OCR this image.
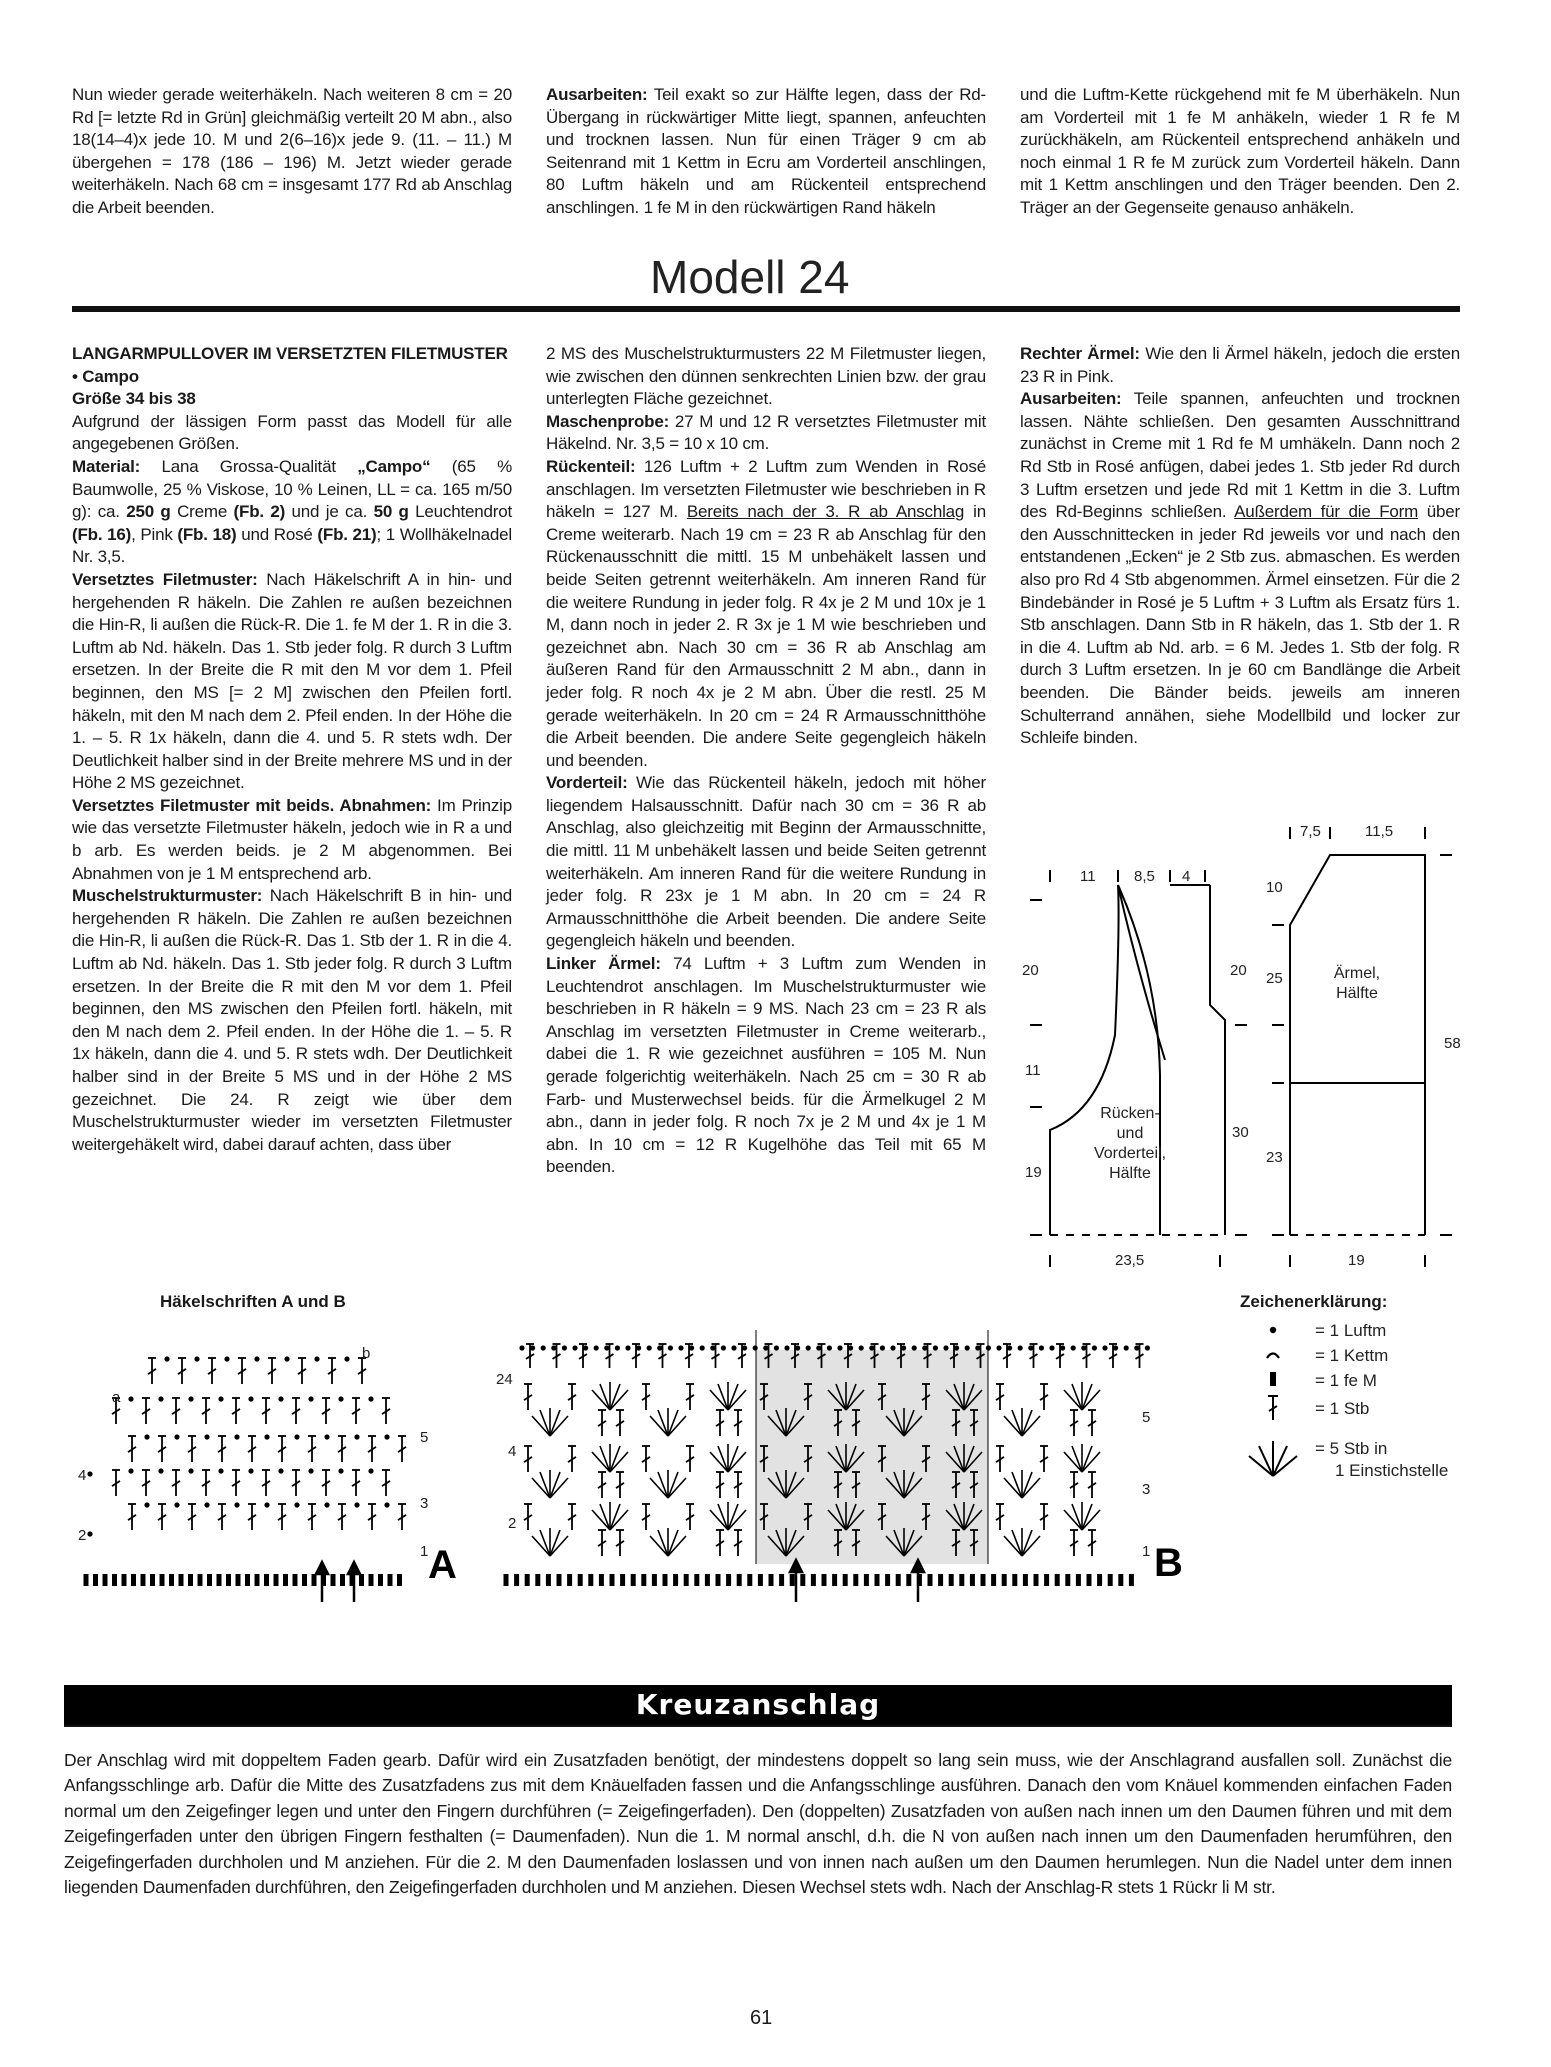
Nun wieder gerade weiterhäkeln. Nach weiteren 8 cm = 20 Rd [= letzte Rd in Grün] gleichmäßig verteilt 20 M abn., also 18(14–4)x jede 10. M und 2(6–16)x jede 9. (11. – 11.) M übergehen = 178 (186 – 196) M. Jetzt wieder gerade weiterhäkeln. Nach 68 cm = insgesamt 177 Rd ab Anschlag die Arbeit beenden.

Ausarbeiten: Teil exakt so zur Hälfte legen, dass der Rd-Übergang in rückwärtiger Mitte liegt, spannen, anfeuchten und trocknen lassen. Nun für einen Träger 9 cm ab Seitenrand mit 1 Kettm in Ecru am Vorderteil anschlingen, 80 Luftm häkeln und am Rückenteil entsprechend anschlingen. 1 fe M in den rückwärtigen Rand häkeln

und die Luftm-Kette rückgehend mit fe M überhäkeln. Nun am Vorderteil mit 1 fe M anhäkeln, wieder 1 R fe M zurückhäkeln, am Rückenteil entsprechend anhäkeln und noch einmal 1 R fe M zurück zum Vorderteil häkeln. Dann mit 1 Kettm anschlingen und den Träger beenden. Den 2. Träger an der Gegenseite genauso anhäkeln.

Modell 24

LANGARMPULLOVER IM VERSETZTEN FILETMUSTER

• Campo

Größe 34 bis 38

Aufgrund der lässigen Form passt das Modell für alle angegebenen Größen.

Material: Lana Grossa-Qualität „Campo“ (65 % Baumwolle, 25 % Viskose, 10 % Leinen, LL = ca. 165 m/50 g): ca. 250 g Creme (Fb. 2) und je ca. 50 g Leuchtendrot (Fb. 16), Pink (Fb. 18) und Rosé (Fb. 21); 1 Wollhäkelnadel Nr. 3,5.

Versetztes Filetmuster: Nach Häkelschrift A in hin- und hergehenden R häkeln. Die Zahlen re außen bezeichnen die Hin-R, li außen die Rück-R. Die 1. fe M der 1. R in die 3. Luftm ab Nd. häkeln. Das 1. Stb jeder folg. R durch 3 Luftm ersetzen. In der Breite die R mit den M vor dem 1. Pfeil beginnen, den MS [= 2 M] zwischen den Pfeilen fortl. häkeln, mit den M nach dem 2. Pfeil enden. In der Höhe die 1. – 5. R 1x häkeln, dann die 4. und 5. R stets wdh. Der Deutlichkeit halber sind in der Breite mehrere MS und in der Höhe 2 MS gezeichnet.

Versetztes Filetmuster mit beids. Abnahmen: Im Prinzip wie das versetzte Filetmuster häkeln, jedoch wie in R a und b arb. Es werden beids. je 2 M abgenommen. Bei Abnahmen von je 1 M entsprechend arb.

Muschelstrukturmuster: Nach Häkelschrift B in hin- und hergehenden R häkeln. Die Zahlen re außen bezeichnen die Hin-R, li außen die Rück-R. Das 1. Stb der 1. R in die 4. Luftm ab Nd. häkeln. Das 1. Stb jeder folg. R durch 3 Luftm ersetzen. In der Breite die R mit den M vor dem 1. Pfeil beginnen, den MS zwischen den Pfeilen fortl. häkeln, mit den M nach dem 2. Pfeil enden. In der Höhe die 1. – 5. R 1x häkeln, dann die 4. und 5. R stets wdh. Der Deutlichkeit halber sind in der Breite 5 MS und in der Höhe 2 MS gezeichnet. Die 24. R zeigt wie über dem Muschelstrukturmuster wieder im versetzten Filetmuster weitergehäkelt wird, dabei darauf achten, dass über

2 MS des Muschelstrukturmusters 22 M Filetmuster liegen, wie zwischen den dünnen senkrechten Linien bzw. der grau unterlegten Fläche gezeichnet.

Maschenprobe: 27 M und 12 R versetztes Filetmuster mit Häkelnd. Nr. 3,5 = 10 x 10 cm.

Rückenteil: 126 Luftm + 2 Luftm zum Wenden in Rosé anschlagen. Im versetzten Filetmuster wie beschrieben in R häkeln = 127 M. Bereits nach der 3. R ab Anschlag in Creme weiterarb. Nach 19 cm = 23 R ab Anschlag für den Rückenausschnitt die mittl. 15 M unbehäkelt lassen und beide Seiten getrennt weiterhäkeln. Am inneren Rand für die weitere Rundung in jeder folg. R 4x je 2 M und 10x je 1 M, dann noch in jeder 2. R 3x je 1 M wie beschrieben und gezeichnet abn. Nach 30 cm = 36 R ab Anschlag am äußeren Rand für den Armausschnitt 2 M abn., dann in jeder folg. R noch 4x je 2 M abn. Über die restl. 25 M gerade weiterhäkeln. In 20 cm = 24 R Armausschnitthöhe die Arbeit beenden. Die andere Seite gegengleich häkeln und beenden.

Vorderteil: Wie das Rückenteil häkeln, jedoch mit höher liegendem Halsausschnitt. Dafür nach 30 cm = 36 R ab Anschlag, also gleichzeitig mit Beginn der Armausschnitte, die mittl. 11 M unbehäkelt lassen und beide Seiten getrennt weiterhäkeln. Am inneren Rand für die weitere Rundung in jeder folg. R 23x je 1 M abn. In 20 cm = 24 R Armausschnitthöhe die Arbeit beenden. Die andere Seite gegengleich häkeln und beenden.

Linker Ärmel: 74 Luftm + 3 Luftm zum Wenden in Leuchtendrot anschlagen. Im Muschelstrukturmuster wie beschrieben in R häkeln = 9 MS. Nach 23 cm = 23 R als Anschlag im versetzten Filetmuster in Creme weiterarb., dabei die 1. R wie gezeichnet ausführen = 105 M. Nun gerade folgerichtig weiterhäkeln. Nach 25 cm = 30 R ab Farb- und Musterwechsel beids. für die Ärmelkugel 2 M abn., dann in jeder folg. R noch 7x je 2 M und 4x je 1 M abn. In 10 cm = 12 R Kugelhöhe das Teil mit 65 M beenden.

Rechter Ärmel: Wie den li Ärmel häkeln, jedoch die ersten 23 R in Pink.

Ausarbeiten: Teile spannen, anfeuchten und trocknen lassen. Nähte schließen. Den gesamten Ausschnittrand zunächst in Creme mit 1 Rd fe M umhäkeln. Dann noch 2 Rd Stb in Rosé anfügen, dabei jedes 1. Stb jeder Rd durch 3 Luftm ersetzen und jede Rd mit 1 Kettm in die 3. Luftm des Rd-Beginns schließen. Außerdem für die Form über den Ausschnittecken in jeder Rd jeweils vor und nach den entstandenen „Ecken“ je 2 Stb zus. abmaschen. Es werden also pro Rd 4 Stb abgenommen. Ärmel einsetzen. Für die 2 Bindebänder in Rosé je 5 Luftm + 3 Luftm als Ersatz fürs 1. Stb anschlagen. Dann Stb in R häkeln, das 1. Stb der 1. R in die 4. Luftm ab Nd. arb. = 6 M. Jedes 1. Stb der folg. R durch 3 Luftm ersetzen. In je 60 cm Bandlänge die Arbeit beenden. Die Bänder beids. jeweils am inneren Schulterrand annähen, siehe Modellbild und locker zur Schleife binden.

11	8,5 4
20	20
11
19
30
23,5
7,5	11,5
10
25
58
23
19
Rücken-
und
Vorderteil,
Hälfte
Ärmel,
Hälfte
Häkelschriften A und B
1
2
3
4
5
a
b
A	1
2
3
4
5
24
B
Zeichenerklärung:
= 1 Luftm
= 1 Kettm
= 1 fe M
= 1 Stb
= 5 Stb in
1 Einstichstelle
Kreuzanschlag

Der Anschlag wird mit doppeltem Faden gearb. Dafür wird ein Zusatzfaden benötigt, der mindestens doppelt so lang sein muss, wie der Anschlagrand ausfallen soll. Zunächst die Anfangsschlinge arb. Dafür die Mitte des Zusatzfadens zus mit dem Knäuelfaden fassen und die Anfangsschlinge ausführen. Danach den vom Knäuel kommenden einfachen Faden normal um den Zeigefinger legen und unter den Fingern durchführen (= Zeigefingerfaden). Den (doppelten) Zusatzfaden von außen nach innen um den Daumen führen und mit dem Zeigefingerfaden unter den übrigen Fingern festhalten (= Daumenfaden). Nun die 1. M normal anschl, d.h. die N von außen nach innen um den Daumenfaden herumführen, den Zeigefingerfaden durchholen und M anziehen. Für die 2. M den Daumenfaden loslassen und von innen nach außen um den Daumen herumlegen. Nun die Nadel unter dem innen liegenden Daumenfaden durchführen, den Zeigefingerfaden durchholen und M anziehen. Diesen Wechsel stets wdh. Nach der Anschlag-R stets 1 Rückr li M str.

61
